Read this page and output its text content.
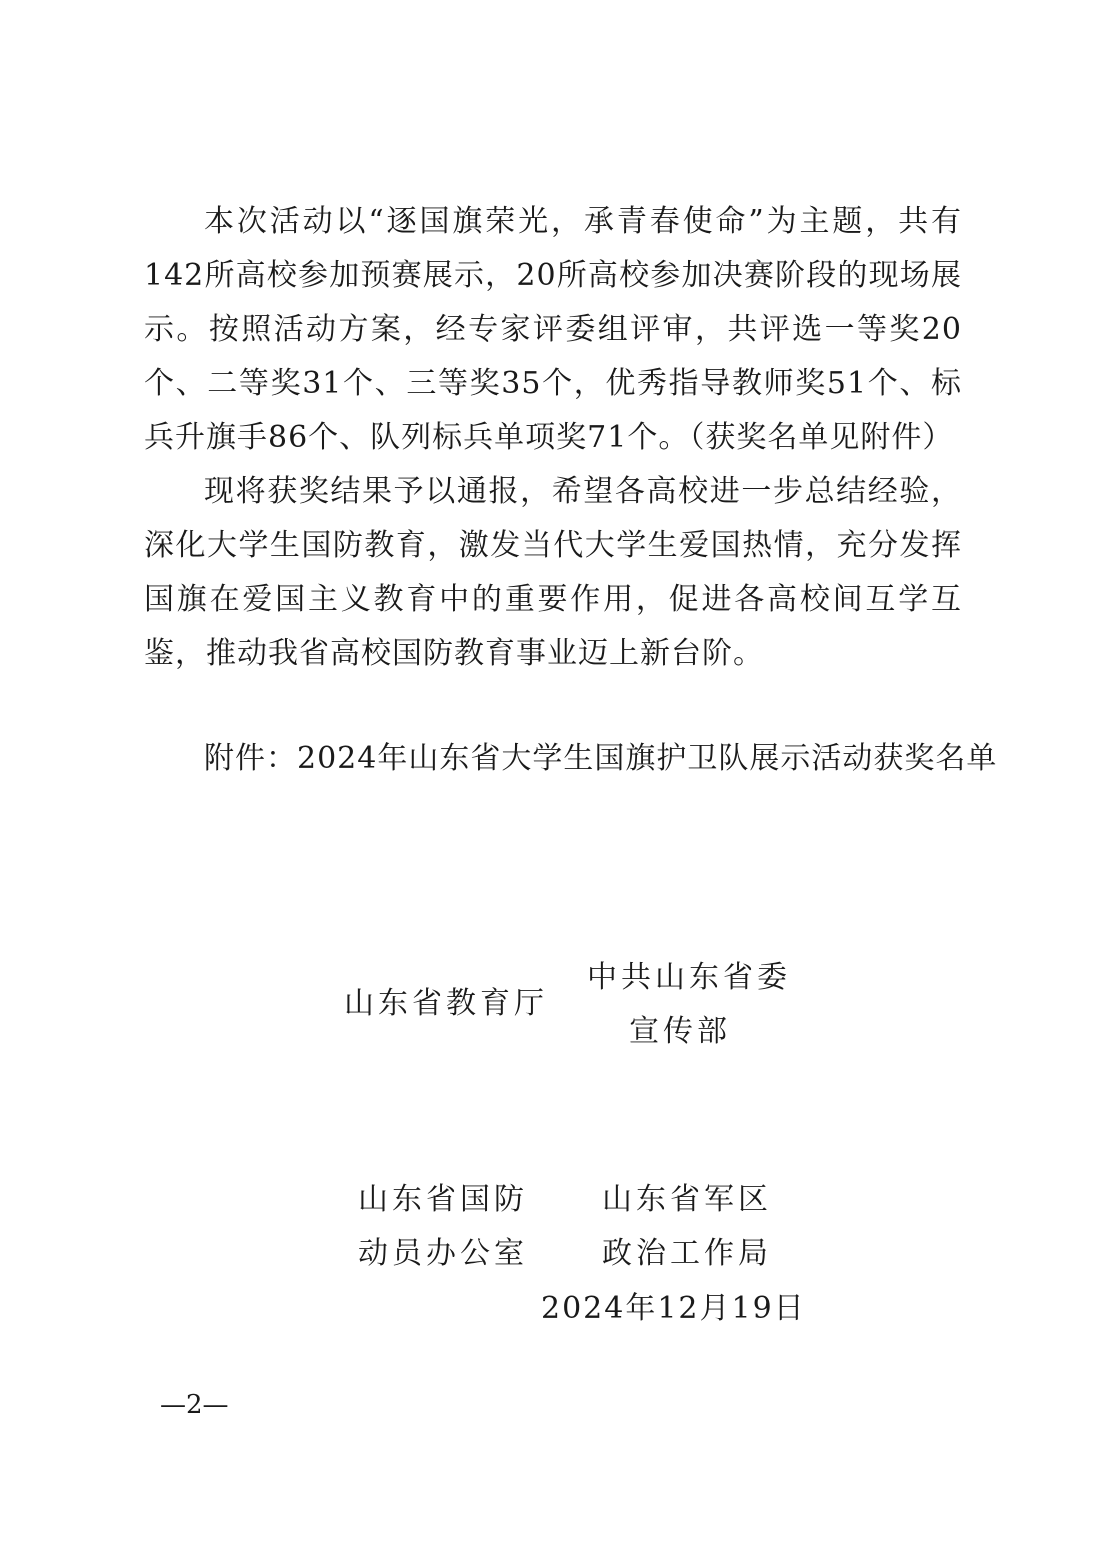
本次活动以“逐国旗荣光，承青春使命”为主题，共有142所高校参加预赛展示，20所高校参加决赛阶段的现场展示。按照活动方案，经专家评委组评审，共评选一等奖20个、二等奖31个、三等奖35个，优秀指导教师奖51个、标兵升旗手86个、队列标兵单项奖71个。（获奖名单见附件）

现将获奖结果予以通报，希望各高校进一步总结经验，深化大学生国防教育，激发当代大学生爱国热情，充分发挥国旗在爱国主义教育中的重要作用，促进各高校间互学互鉴，推动我省高校国防教育事业迈上新台阶。

附件：2024年山东省大学生国旗护卫队展示活动获奖名单
山东省教育厅
中共山东省委
宣传部
山东省国防
动员办公室
山东省军区
政治工作局
2024年12月19日
—2—
